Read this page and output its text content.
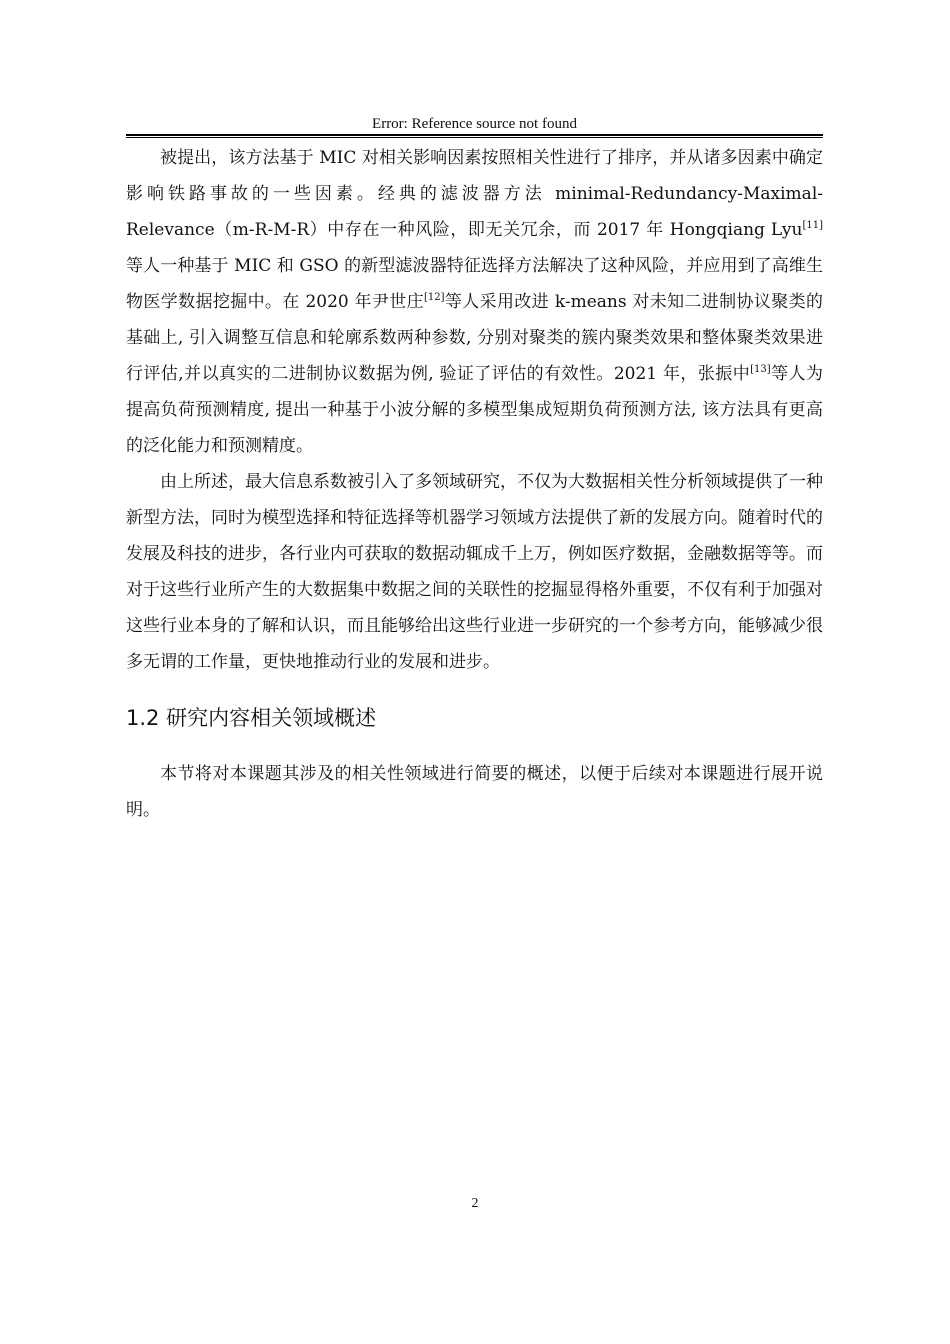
Error: Reference source not found

被提出，该方法基于 MIC 对相关影响因素按照相关性进行了排序，并从诸多因素中确定影响铁路事故的一些因素。经典的滤波器方法 minimal-Redundancy-Maximal-Relevance（m-R-M-R）中存在一种风险，即无关冗余，而 2017 年 Hongqiang Lyu[11]等人一种基于 MIC 和 GSO 的新型滤波器特征选择方法解决了这种风险，并应用到了高维生物医学数据挖掘中。在 2020 年尹世庄[12]等人采用改进 k-means 对未知二进制协议聚类的基础上, 引入调整互信息和轮廓系数两种参数, 分别对聚类的簇内聚类效果和整体聚类效果进行评估,并以真实的二进制协议数据为例, 验证了评估的有效性。2021 年，张振中[13]等人为提高负荷预测精度, 提出一种基于小波分解的多模型集成短期负荷预测方法, 该方法具有更高的泛化能力和预测精度。

由上所述，最大信息系数被引入了多领域研究，不仅为大数据相关性分析领域提供了一种新型方法，同时为模型选择和特征选择等机器学习领域方法提供了新的发展方向。随着时代的发展及科技的进步，各行业内可获取的数据动辄成千上万，例如医疗数据，金融数据等等。而对于这些行业所产生的大数据集中数据之间的关联性的挖掘显得格外重要，不仅有利于加强对这些行业本身的了解和认识，而且能够给出这些行业进一步研究的一个参考方向，能够减少很多无谓的工作量，更快地推动行业的发展和进步。

1.2 研究内容相关领域概述

本节将对本课题其涉及的相关性领域进行简要的概述，以便于后续对本课题进行展开说明。

2
